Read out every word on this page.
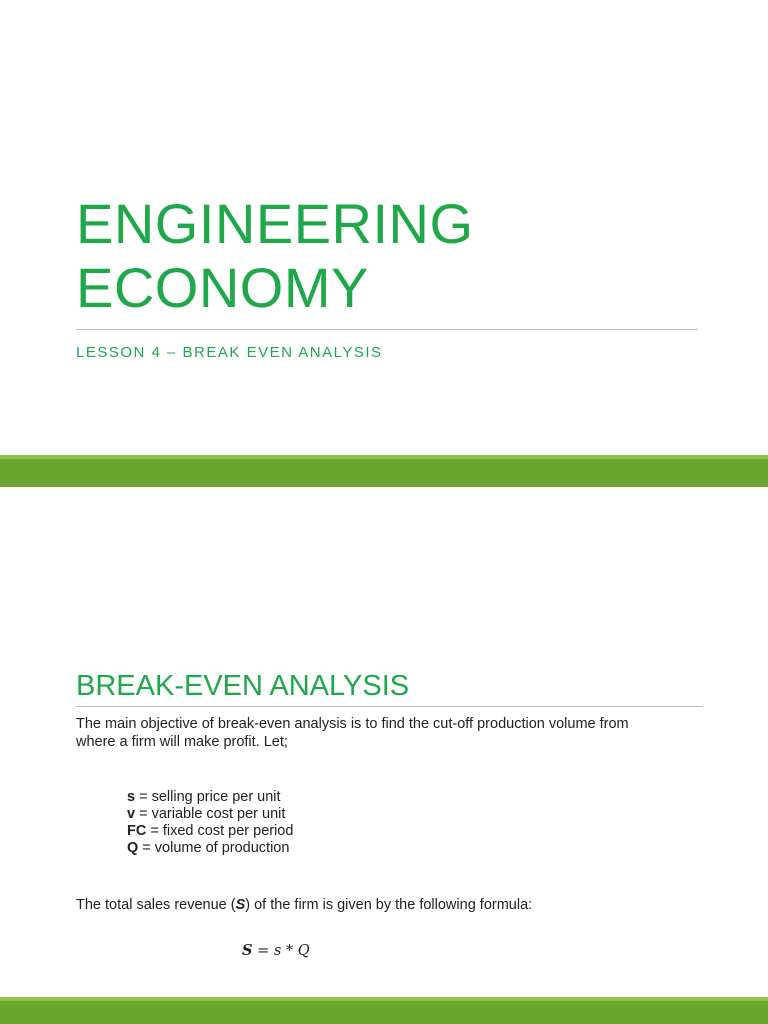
ENGINEERING
ECONOMY
LESSON 4 – BREAK EVEN ANALYSIS
BREAK-EVEN ANALYSIS
The main objective of break-even analysis is to find the cut-off production volume from where a firm will make profit. Let;
s = selling price per unit
v = variable cost per unit
FC = fixed cost per period
Q = volume of production
The total sales revenue (S) of the firm is given by the following formula:
S = s * Q
